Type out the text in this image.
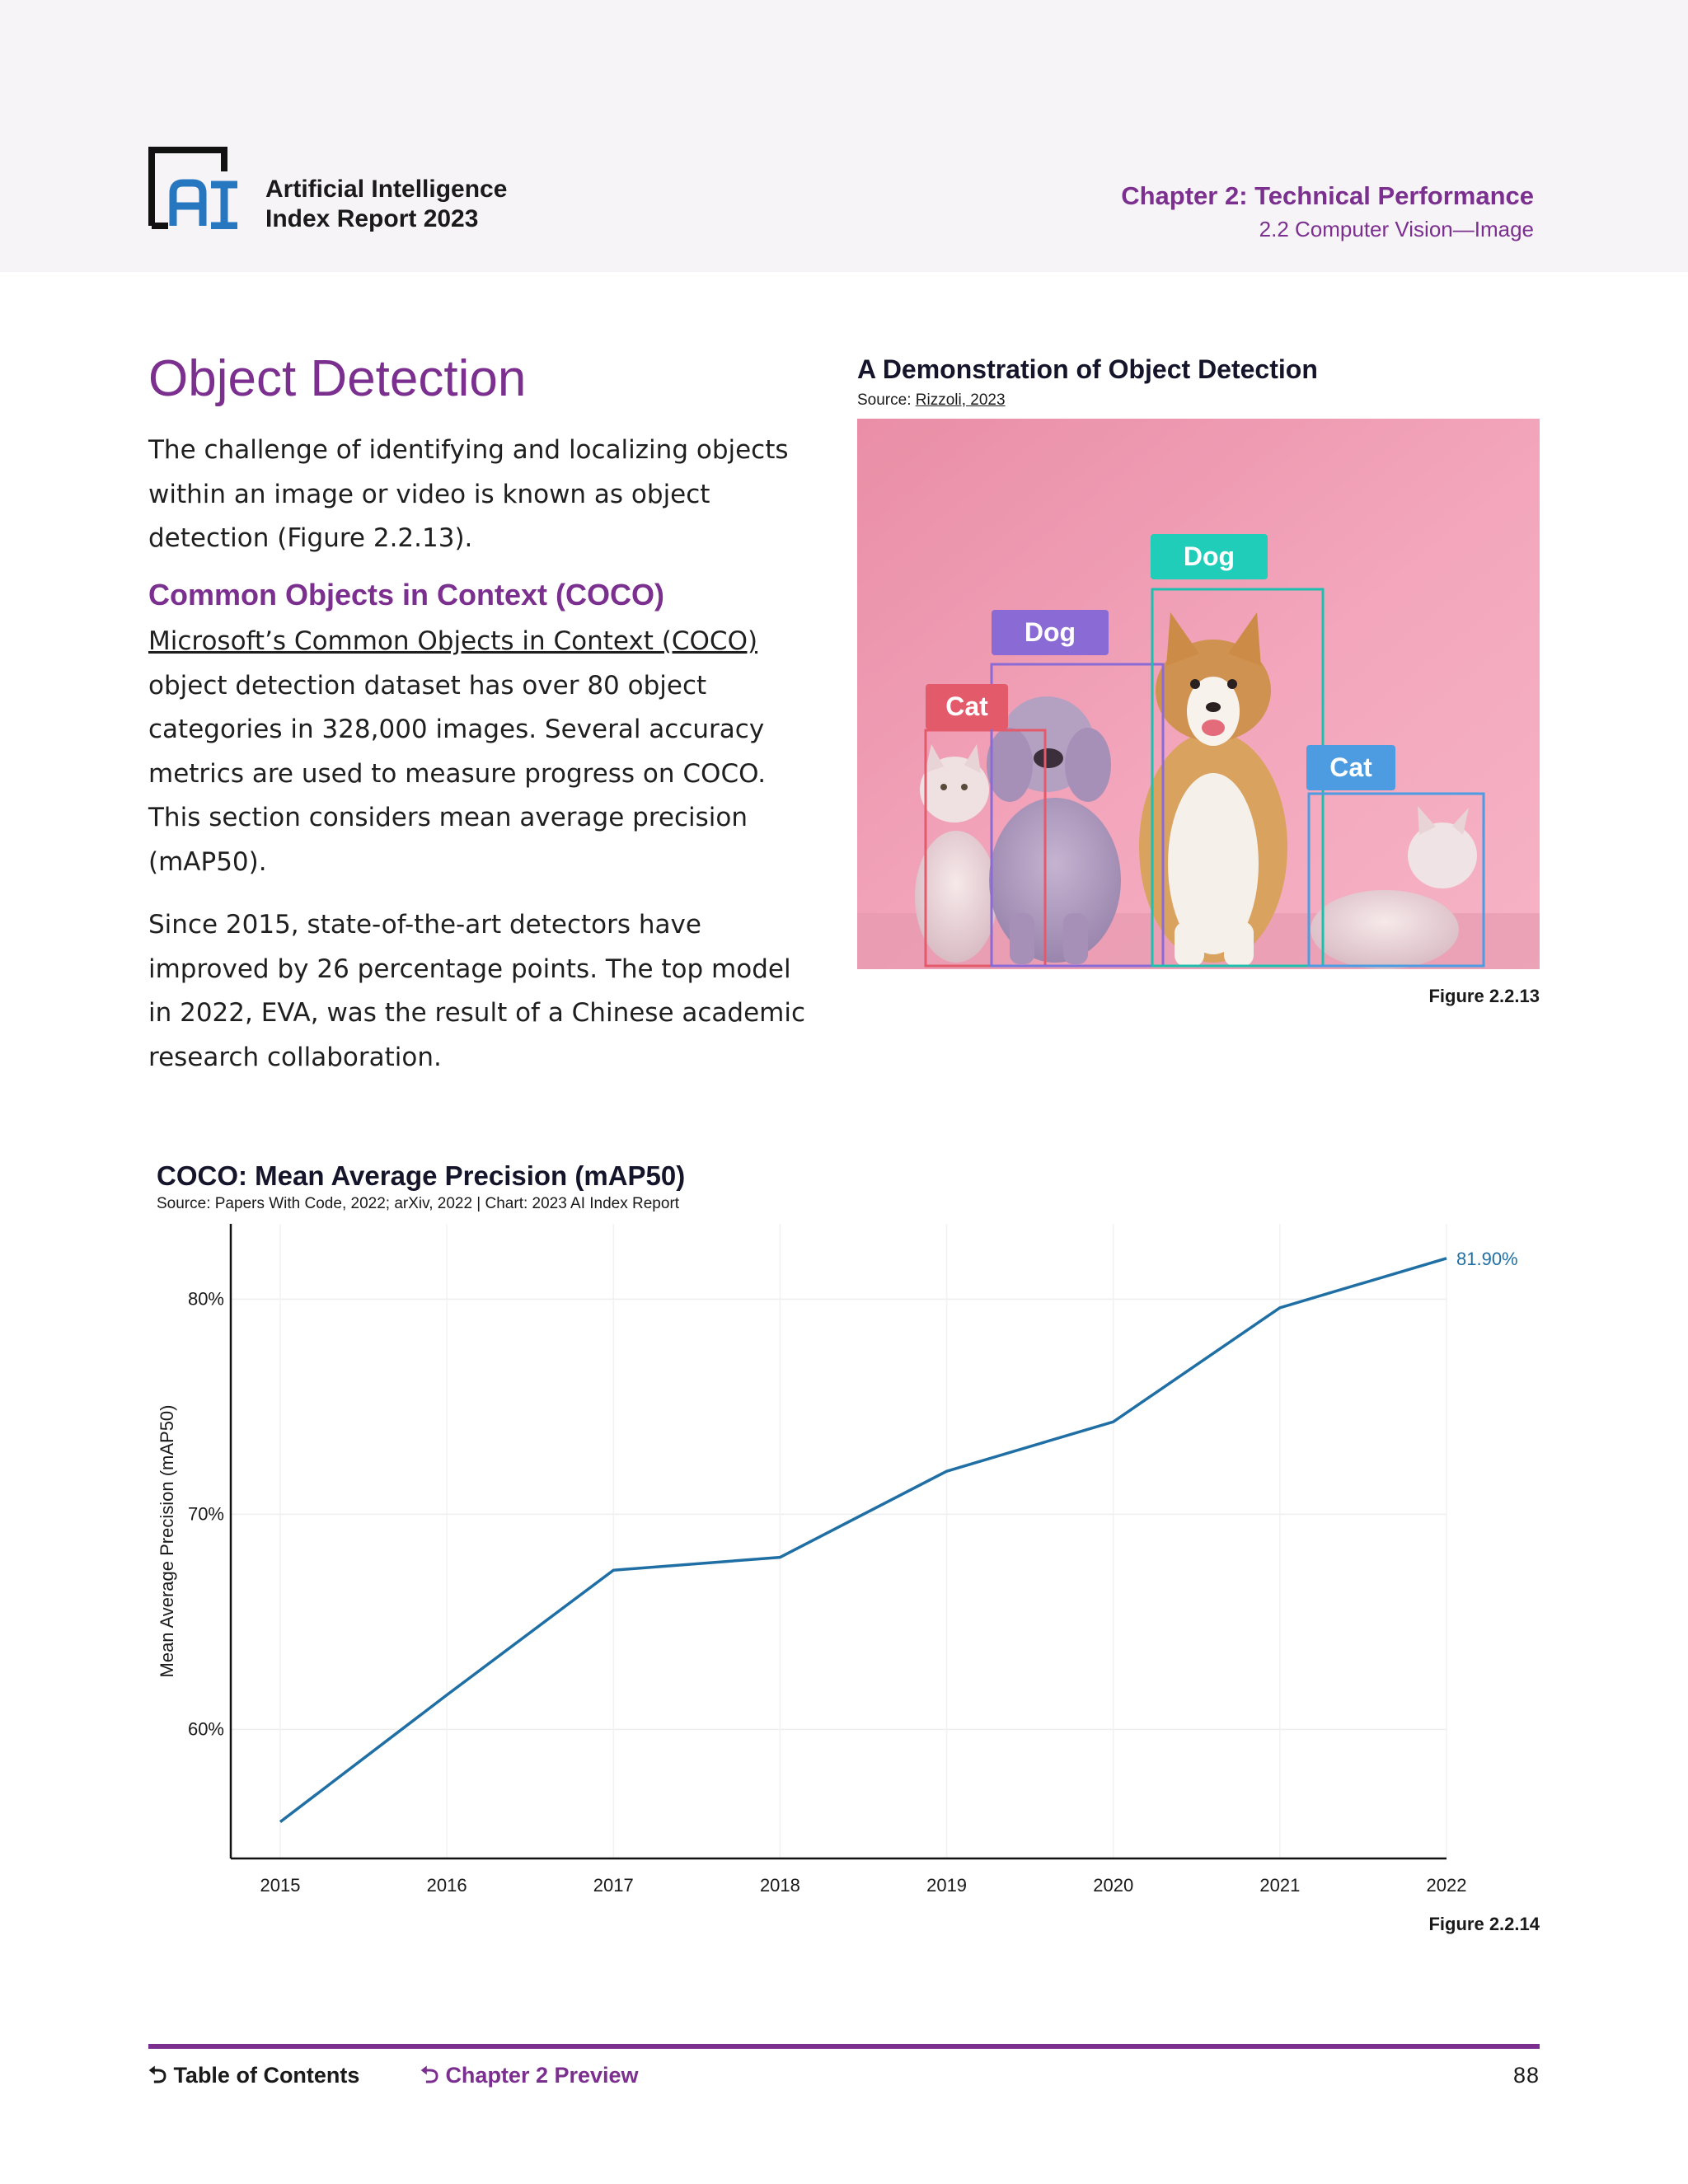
Artificial Intelligence
Index Report 2023
Chapter 2: Technical Performance
2.2 Computer Vision—Image
Object Detection
The challenge of identifying and localizing objects within an image or video is known as object detection (Figure 2.2.13).
Common Objects in Context (COCO)
Microsoft’s Common Objects in Context (COCO) object detection dataset has over 80 object categories in 328,000 images. Several accuracy metrics are used to measure progress on COCO. This section considers mean average precision (mAP50).
Since 2015, state-of-the-art detectors have improved by 26 percentage points. The top model in 2022, EVA, was the result of a Chinese academic research collaboration.
A Demonstration of Object Detection
Source: Rizzoli, 2023
Cat
Dog
Dog
Cat
Figure 2.2.13
COCO: Mean Average Precision (mAP50)
Source: Papers With Code, 2022; arXiv, 2022 | Chart: 2023 AI Index Report
60%
70%
80%
2015	2016	2017	2018	2019	2020	2021	2022
81.90%
Mean Average Precision (mAP50)
Figure 2.2.14
⮌ Table of Contents	⮌ Chapter 2 Preview	88
